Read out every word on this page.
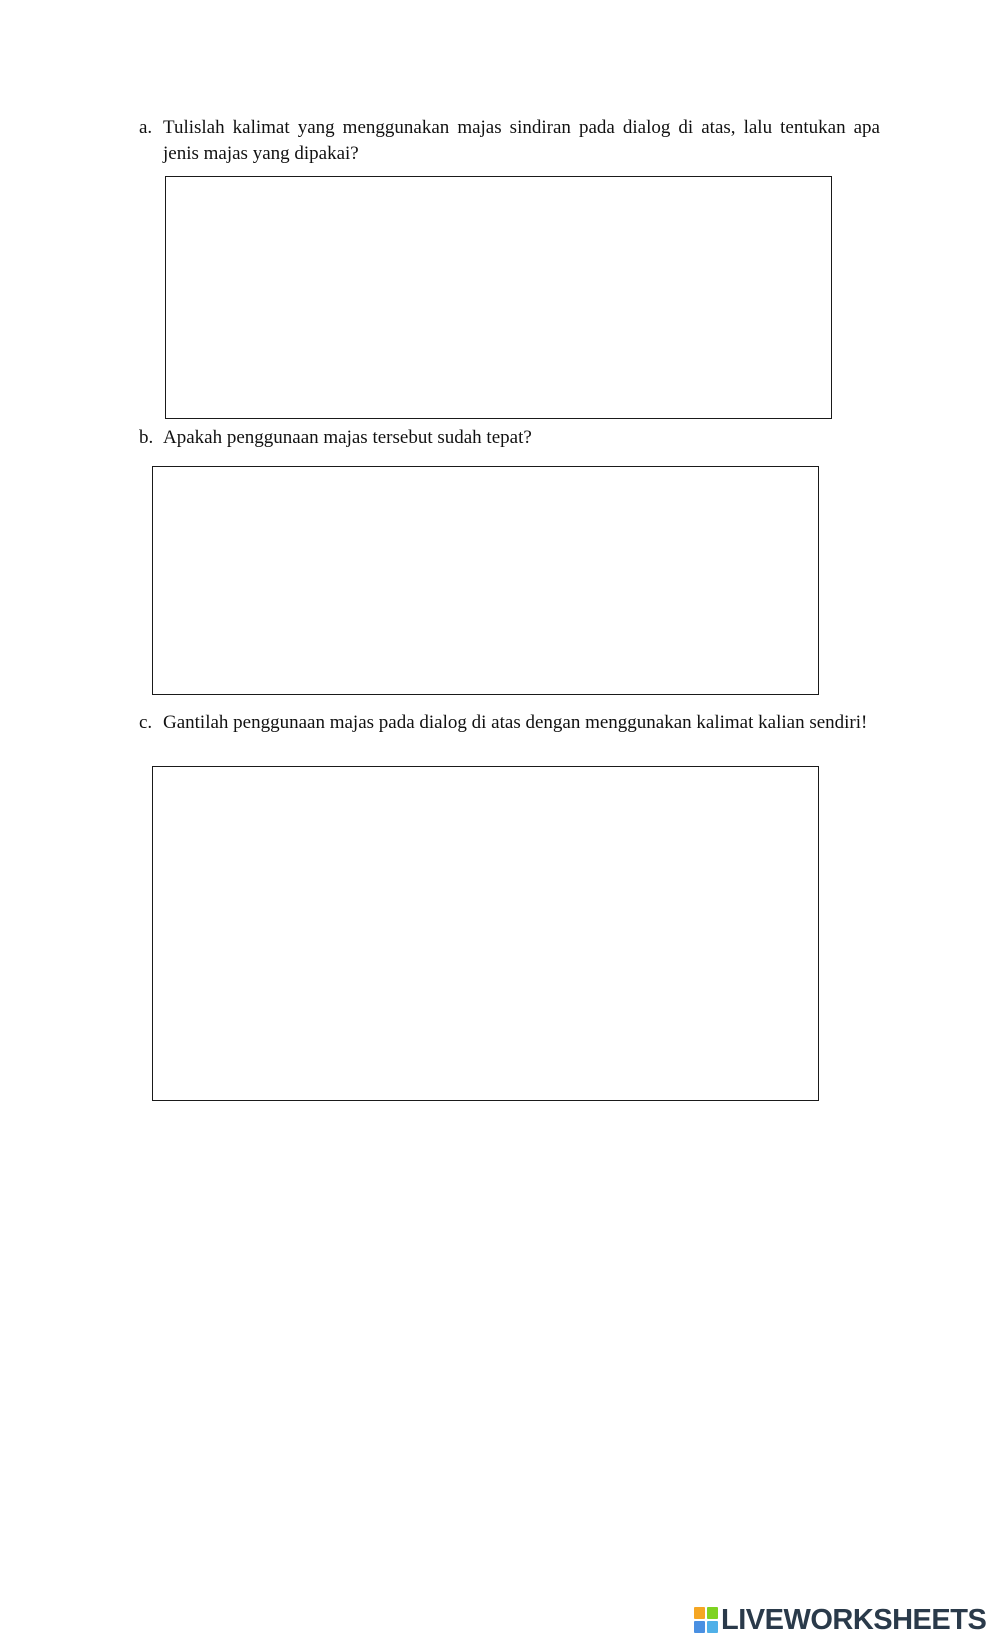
a. Tulislah kalimat yang menggunakan majas sindiran pada dialog di atas, lalu tentukan apa jenis majas yang dipakai?
b. Apakah penggunaan majas tersebut sudah tepat?
c. Gantilah penggunaan majas pada dialog di atas dengan menggunakan kalimat kalian sendiri!
LIVEWORKSHEETS
